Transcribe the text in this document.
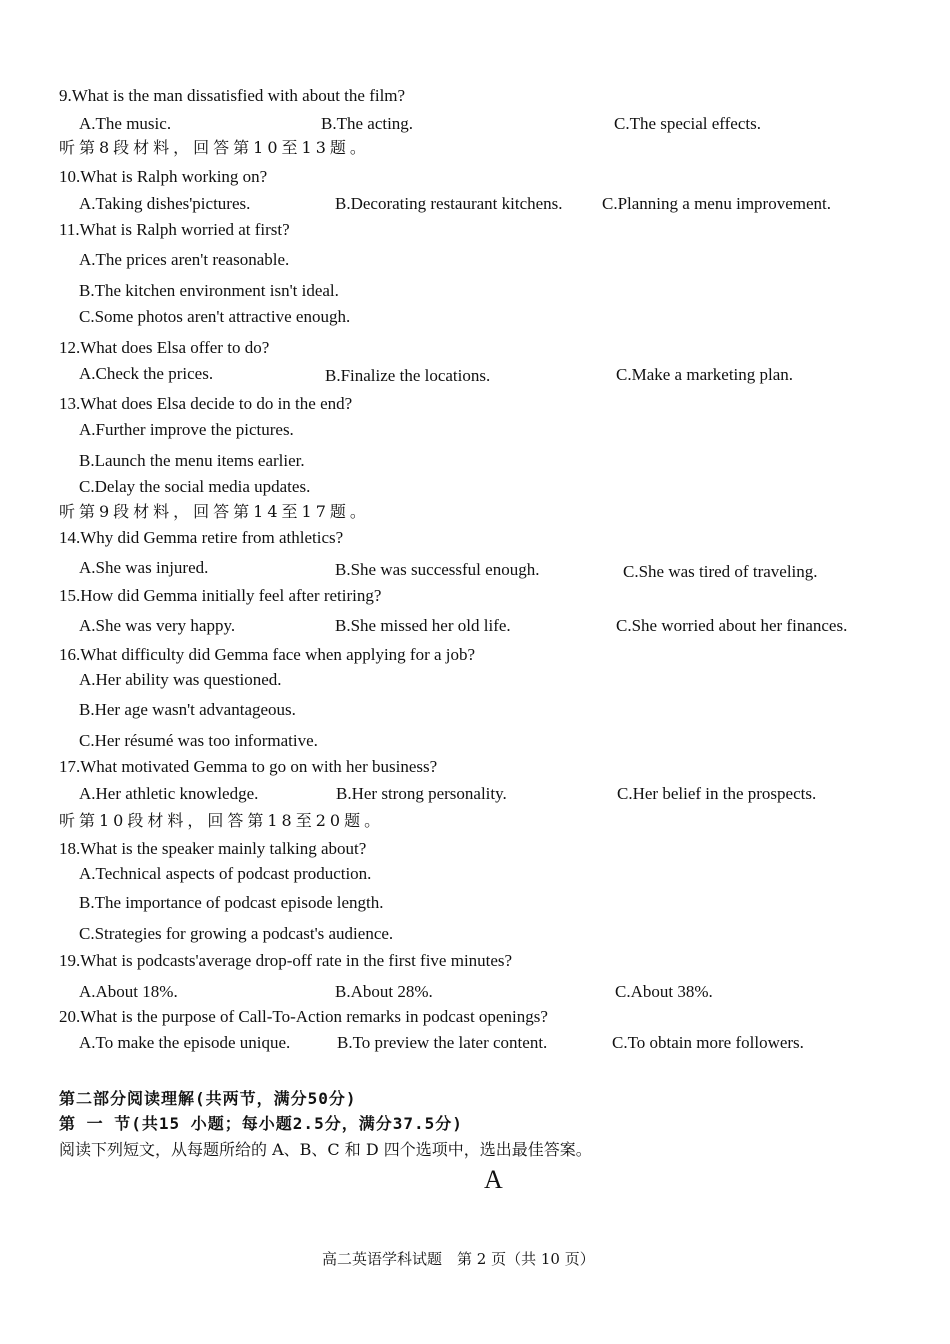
9.What is the man dissatisfied with about the film?
A.The music.	B.The acting.	C.The special effects.
听第8段材料，回答第10至13题。
10.What is Ralph working on?
A.Taking dishes'pictures.	B.Decorating restaurant kitchens. C.Planning a menu improvement.
11.What is Ralph worried at first?
A.The prices aren't reasonable.
B.The kitchen environment isn't ideal.
C.Some photos aren't attractive enough.
12.What does Elsa offer to do?
A.Check the prices.	B.Finalize the locations.	C.Make a marketing plan.
13.What does Elsa decide to do in the end?
A.Further improve the pictures.
B.Launch the menu items earlier.
C.Delay the social media updates.
听第9段材料，回答第14至17题。
14.Why did Gemma retire from athletics?
A.She was injured.	B.She was successful enough.	C.She was tired of traveling.
15.How did Gemma initially feel after retiring?
A.She was very happy.	B.She missed her old life.	C.She worried about her finances.
16.What difficulty did Gemma face when applying for a job?
A.Her ability was questioned.
B.Her age wasn't advantageous.
C.Her résumé was too informative.
17.What motivated Gemma to go on with her business?
A.Her athletic knowledge.	B.Her strong personality.	C.Her belief in the prospects.
听第10段材料，回答第18至20题。
18.What is the speaker mainly talking about?
A.Technical aspects of podcast production.
B.The importance of podcast episode length.
C.Strategies for growing a podcast's audience.
19.What is podcasts'average drop-off rate in the first five minutes?
A.About 18%.	B.About 28%.	C.About 38%.
20.What is the purpose of Call-To-Action remarks in podcast openings?
A.To make the episode unique.	B.To preview the later content.	C.To obtain more followers.
第二部分阅读理解(共两节，满分50分)
第 一 节(共15 小题；每小题2.5分，满分37.5分)
阅读下列短文，从每题所给的 A、B、C 和 D 四个选项中，选出最佳答案。
A
高二英语学科试题　第 2 页（共 10 页）
